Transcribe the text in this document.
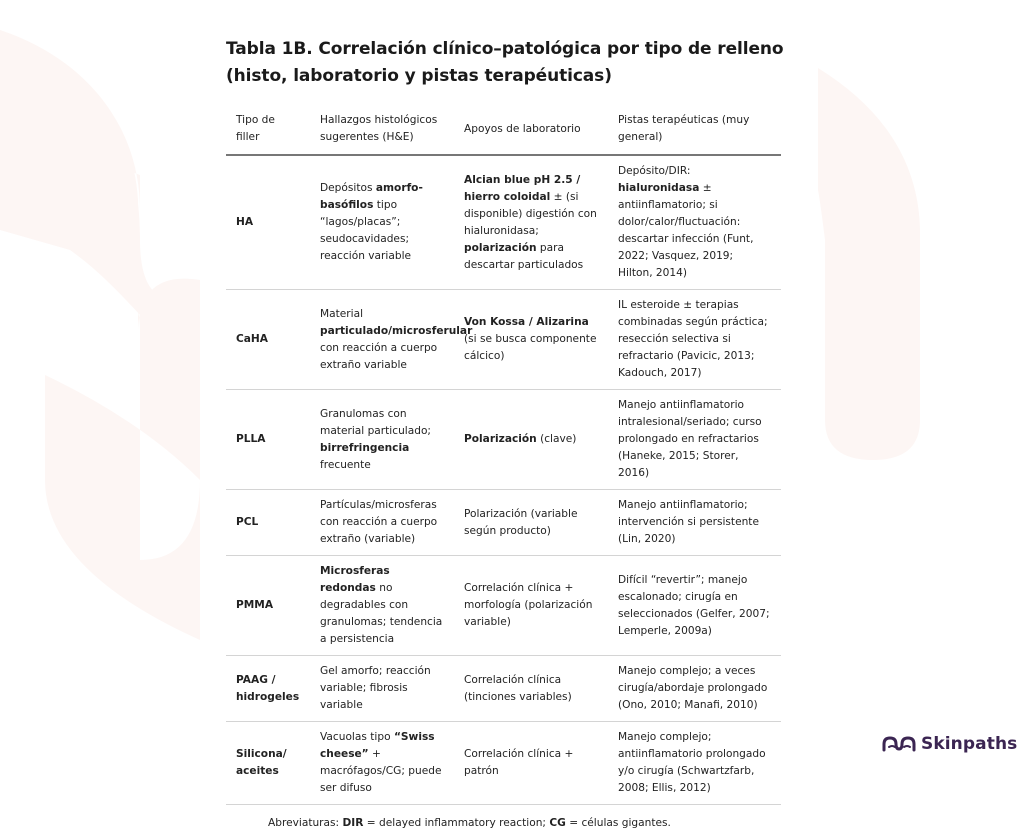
Tabla 1B. Correlación clínico–patológica por tipo de relleno (histo, laboratorio y pistas terapéuticas)
Tipo de filler	Hallazgos histológicos sugerentes (H&E)	Apoyos de laboratorio	Pistas terapéuticas (muy general)
HA	Depósitos amorfo-basófilos tipo “lagos/placas”; seudocavidades; reacción variable	Alcian blue pH 2.5 / hierro coloidal ± (si disponible) digestión con hialuronidasa; polarización para descartar particulados	Depósito/DIR: hialuronidasa ± antiinflamatorio; si dolor/calor/fluctuación: descartar infección (Funt, 2022; Vasquez, 2019; Hilton, 2014)
CaHA	Material particulado/microsferular con reacción a cuerpo extraño variable	Von Kossa / Alizarina (si se busca componente cálcico)	IL esteroide ± terapias combinadas según práctica; resección selectiva si refractario (Pavicic, 2013; Kadouch, 2017)
PLLA	Granulomas con material particulado; birrefringencia frecuente	Polarización (clave)	Manejo antiinflamatorio intralesional/seriado; curso prolongado en refractarios (Haneke, 2015; Storer, 2016)
PCL	Partículas/microsferas con reacción a cuerpo extraño (variable)	Polarización (variable según producto)	Manejo antiinflamatorio; intervención si persistente (Lin, 2020)
PMMA	Microsferas redondas no degradables con granulomas; tendencia a persistencia	Correlación clínica + morfología (polarización variable)	Difícil “revertir”; manejo escalonado; cirugía en seleccionados (Gelfer, 2007; Lemperle, 2009a)
PAAG / hidrogeles	Gel amorfo; reacción variable; fibrosis variable	Correlación clínica (tinciones variables)	Manejo complejo; a veces cirugía/abordaje prolongado (Ono, 2010; Manafi, 2010)
Silicona/ aceites	Vacuolas tipo “Swiss cheese” + macrófagos/CG; puede ser difuso	Correlación clínica + patrón	Manejo complejo; antiinflamatorio prolongado y/o cirugía (Schwartzfarb, 2008; Ellis, 2012)
Abreviaturas: DIR = delayed inflammatory reaction; CG = células gigantes.
Skinpaths
